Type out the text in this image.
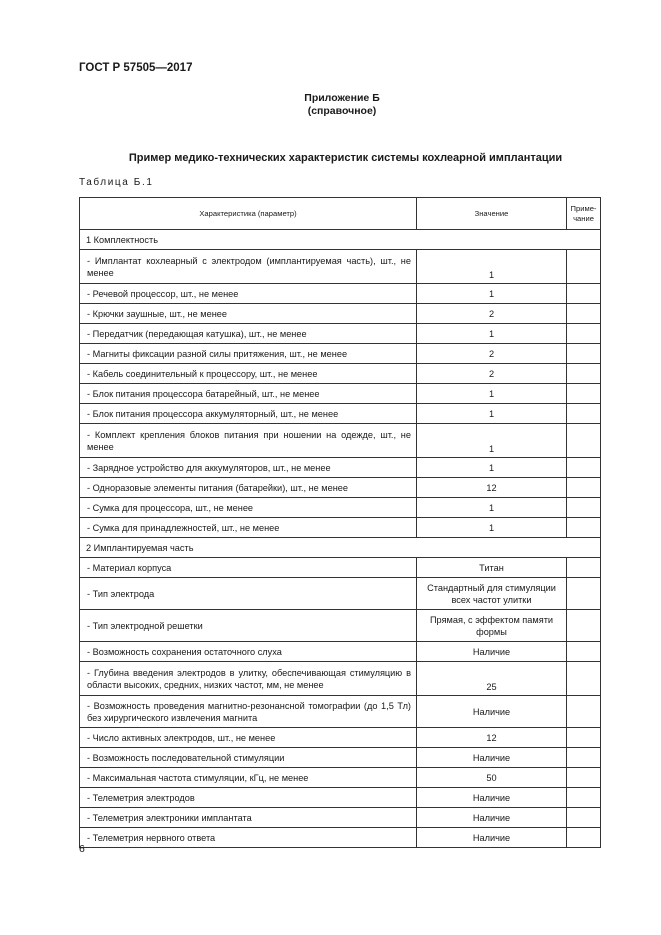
ГОСТ Р 57505—2017
Приложение Б
(справочное)
Пример медико-технических характеристик системы кохлеарной имплантации
Таблица Б.1
Характеристика (параметр)	Значение	Приме-
чание
1 Комплектность		
- Имплантат кохлеарный с электродом (имплантируемая часть), шт., не менее	1	
- Речевой процессор, шт., не менее	1	
- Крючки заушные, шт., не менее	2	
- Передатчик (передающая катушка), шт., не менее	1	
- Магниты фиксации разной силы притяжения, шт., не менее	2	
- Кабель соединительный к процессору, шт., не менее	2	
- Блок питания процессора батарейный, шт., не менее	1	
- Блок питания процессора аккумуляторный, шт., не менее	1	
- Комплект крепления блоков питания при ношении на одежде, шт., не менее	1	
- Зарядное устройство для аккумуляторов, шт., не менее	1	
- Одноразовые элементы питания (батарейки), шт., не менее	12	
- Сумка для процессора, шт., не менее	1	
- Сумка для принадлежностей, шт., не менее	1	
2 Имплантируемая часть		
- Материал корпуса	Титан	
- Тип электрода	Стандартный для стимуляции всех частот улитки	
- Тип электродной решетки	Прямая, с эффектом памяти формы	
- Возможность сохранения остаточного слуха	Наличие	
- Глубина введения электродов в улитку, обеспечивающая стимуляцию в области высоких, средних, низких частот, мм, не менее	25	
- Возможность проведения магнитно-резонансной томографии (до 1,5 Тл) без хирургического извлечения магнита	Наличие	
- Число активных электродов, шт., не менее	12	
- Возможность последовательной стимуляции	Наличие	
- Максимальная частота стимуляции, кГц, не менее	50	
- Телеметрия электродов	Наличие	
- Телеметрия электроники имплантата	Наличие	
- Телеметрия нервного ответа	Наличие	
6
